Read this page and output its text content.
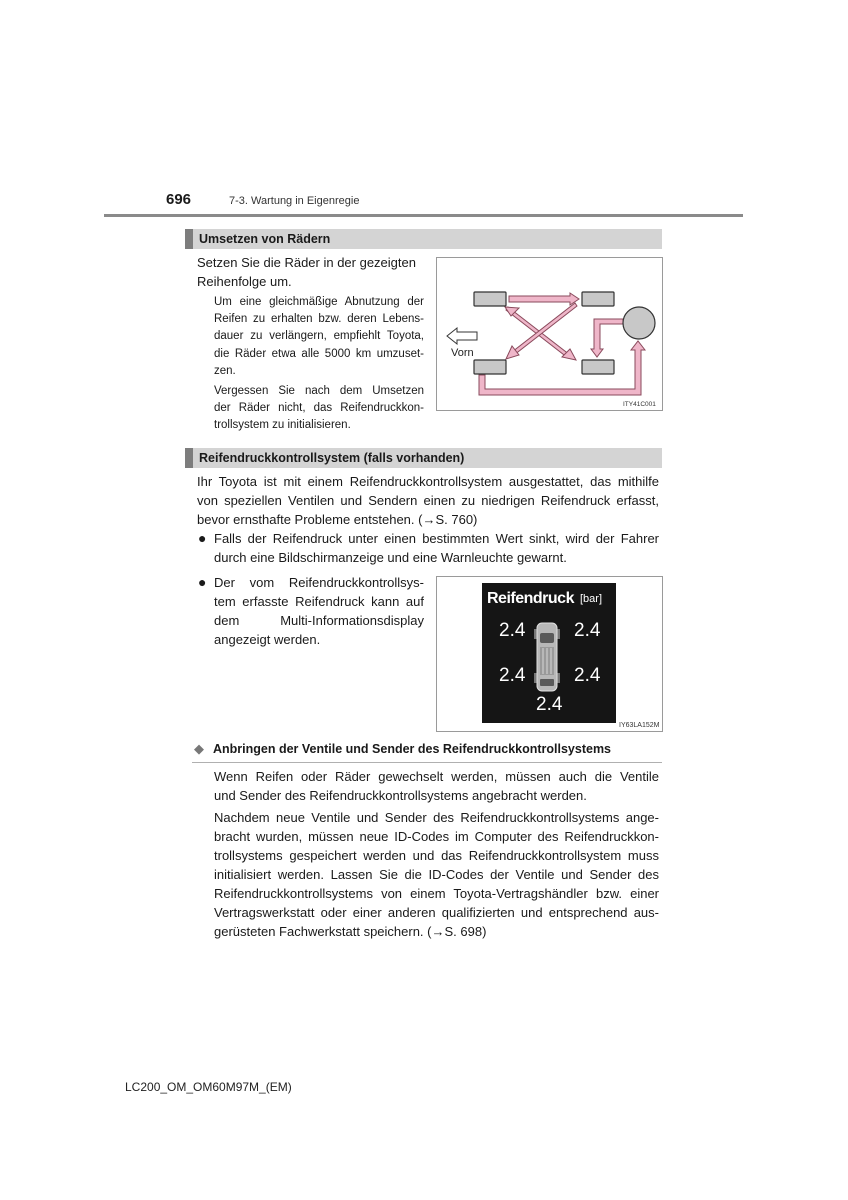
696	7-3. Wartung in Eigenregie
Umsetzen von Rädern
Setzen Sie die Räder in der gezeigten
Reihenfolge um.
Um eine gleichmäßige Abnutzung der
Reifen zu erhalten bzw. deren Lebens-
dauer zu verlängern, empfiehlt Toyota,
die Räder etwa alle 5000 km umzuset-
zen.
Vergessen Sie nach dem Umsetzen
der Räder nicht, das Reifendruckkon-
trollsystem zu initialisieren.
Vorn
ITY41C001
Reifendruckkontrollsystem (falls vorhanden)
Ihr Toyota ist mit einem Reifendruckkontrollsystem ausgestattet, das mithilfe
von speziellen Ventilen und Sendern einen zu niedrigen Reifendruck erfasst,
bevor ernsthafte Probleme entstehen. (→S. 760)
● Falls der Reifendruck unter einen bestimmten Wert sinkt, wird der Fahrer
durch eine Bildschirmanzeige und eine Warnleuchte gewarnt.
● Der vom Reifendruckkontrollsys-
tem erfasste Reifendruck kann auf
dem Multi-Informationsdisplay
angezeigt werden.
Reifendruck [bar]
2.4	2.4
2.4	2.4
2.4
IY63LA152M
◆ Anbringen der Ventile und Sender des Reifendruckkontrollsystems
Wenn Reifen oder Räder gewechselt werden, müssen auch die Ventile
und Sender des Reifendruckkontrollsystems angebracht werden.
Nachdem neue Ventile und Sender des Reifendruckkontrollsystems ange-
bracht wurden, müssen neue ID-Codes im Computer des Reifendruckkon-
trollsystems gespeichert werden und das Reifendruckkontrollsystem muss
initialisiert werden. Lassen Sie die ID-Codes der Ventile und Sender des
Reifendruckkontrollsystems von einem Toyota-Vertragshändler bzw. einer
Vertragswerkstatt oder einer anderen qualifizierten und entsprechend aus-
gerüsteten Fachwerkstatt speichern. (→S. 698)
LC200_OM_OM60M97M_(EM)
